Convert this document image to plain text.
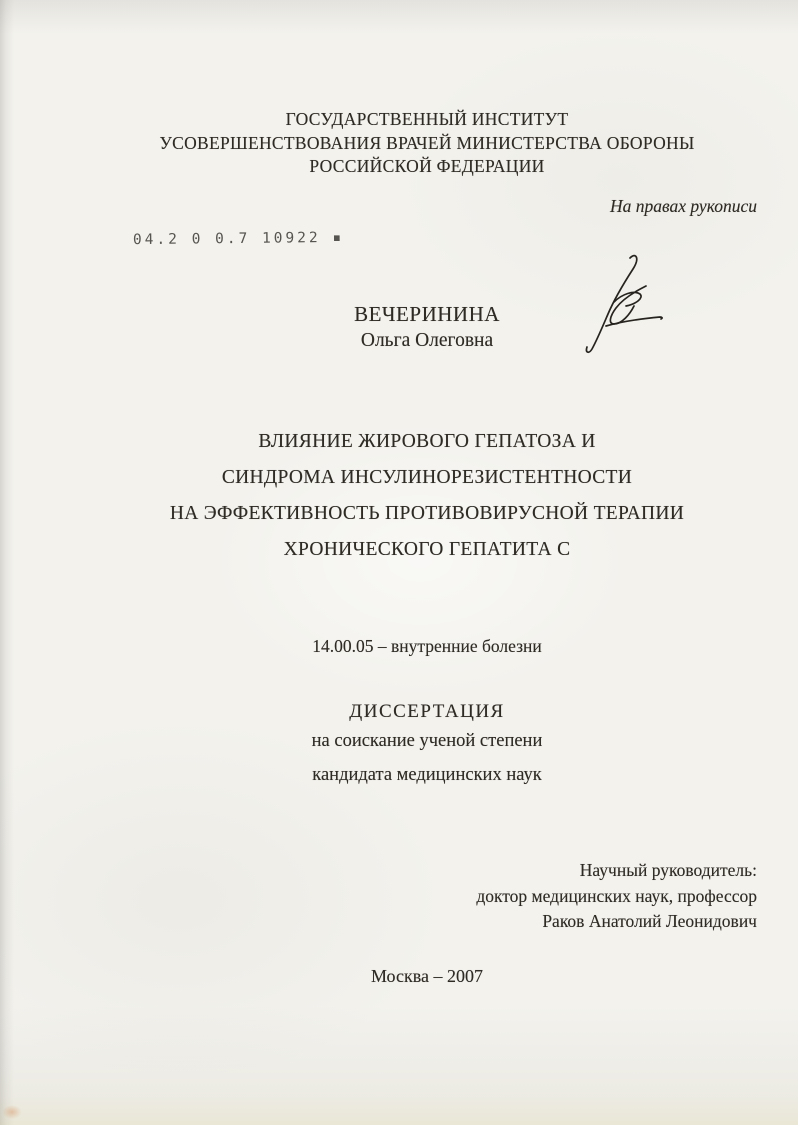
ГОСУДАРСТВЕННЫЙ ИНСТИТУТ
УСОВЕРШЕНСТВОВАНИЯ ВРАЧЕЙ МИНИСТЕРСТВА ОБОРОНЫ
РОССИЙСКОЙ ФЕДЕРАЦИИ
На правах рукописи
04.2 0 0.7 10922 ▪
ВЕЧЕРИНИНА
Ольга Олеговна
ВЛИЯНИЕ ЖИРОВОГО ГЕПАТОЗА И
СИНДРОМА ИНСУЛИНОРЕЗИСТЕНТНОСТИ
НА ЭФФЕКТИВНОСТЬ ПРОТИВОВИРУСНОЙ ТЕРАПИИ
ХРОНИЧЕСКОГО ГЕПАТИТА С
14.00.05 – внутренние болезни
ДИССЕРТАЦИЯ
на соискание ученой степени
кандидата медицинских наук
Научный руководитель:
доктор медицинских наук, профессор
Раков Анатолий Леонидович
Москва – 2007
